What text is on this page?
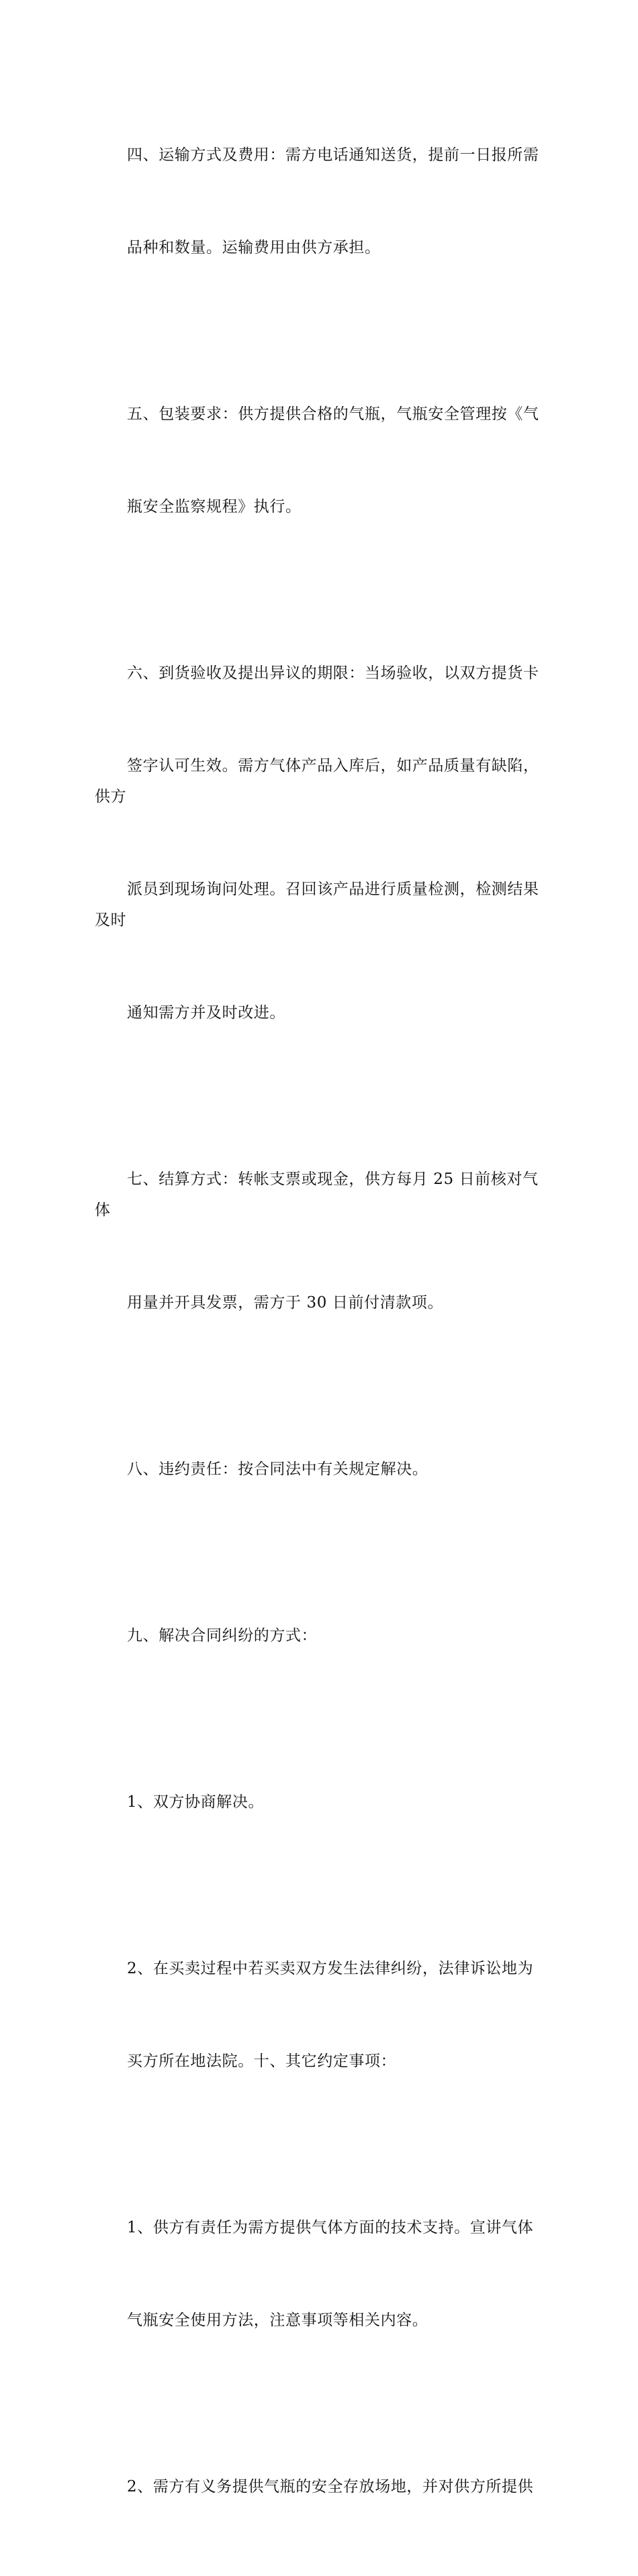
四、运输方式及费用：需方电话通知送货，提前一日报所需

品种和数量。运输费用由供方承担。

五、包装要求：供方提供合格的气瓶，气瓶安全管理按《气

瓶安全监察规程》执行。

六、到货验收及提出异议的期限：当场验收，以双方提货卡

签字认可生效。需方气体产品入库后，如产品质量有缺陷，供方

派员到现场询问处理。召回该产品进行质量检测，检测结果及时

通知需方并及时改进。

七、结算方式：转帐支票或现金，供方每月 25 日前核对气体

用量并开具发票，需方于 30 日前付清款项。

八、违约责任：按合同法中有关规定解决。

九、解决合同纠纷的方式：

1、双方协商解决。

2、在买卖过程中若买卖双方发生法律纠纷，法律诉讼地为

买方所在地法院。十、其它约定事项：

1、供方有责任为需方提供气体方面的技术支持。宣讲气体

气瓶安全使用方法，注意事项等相关内容。

2、需方有义务提供气瓶的安全存放场地，并对供方所提供
